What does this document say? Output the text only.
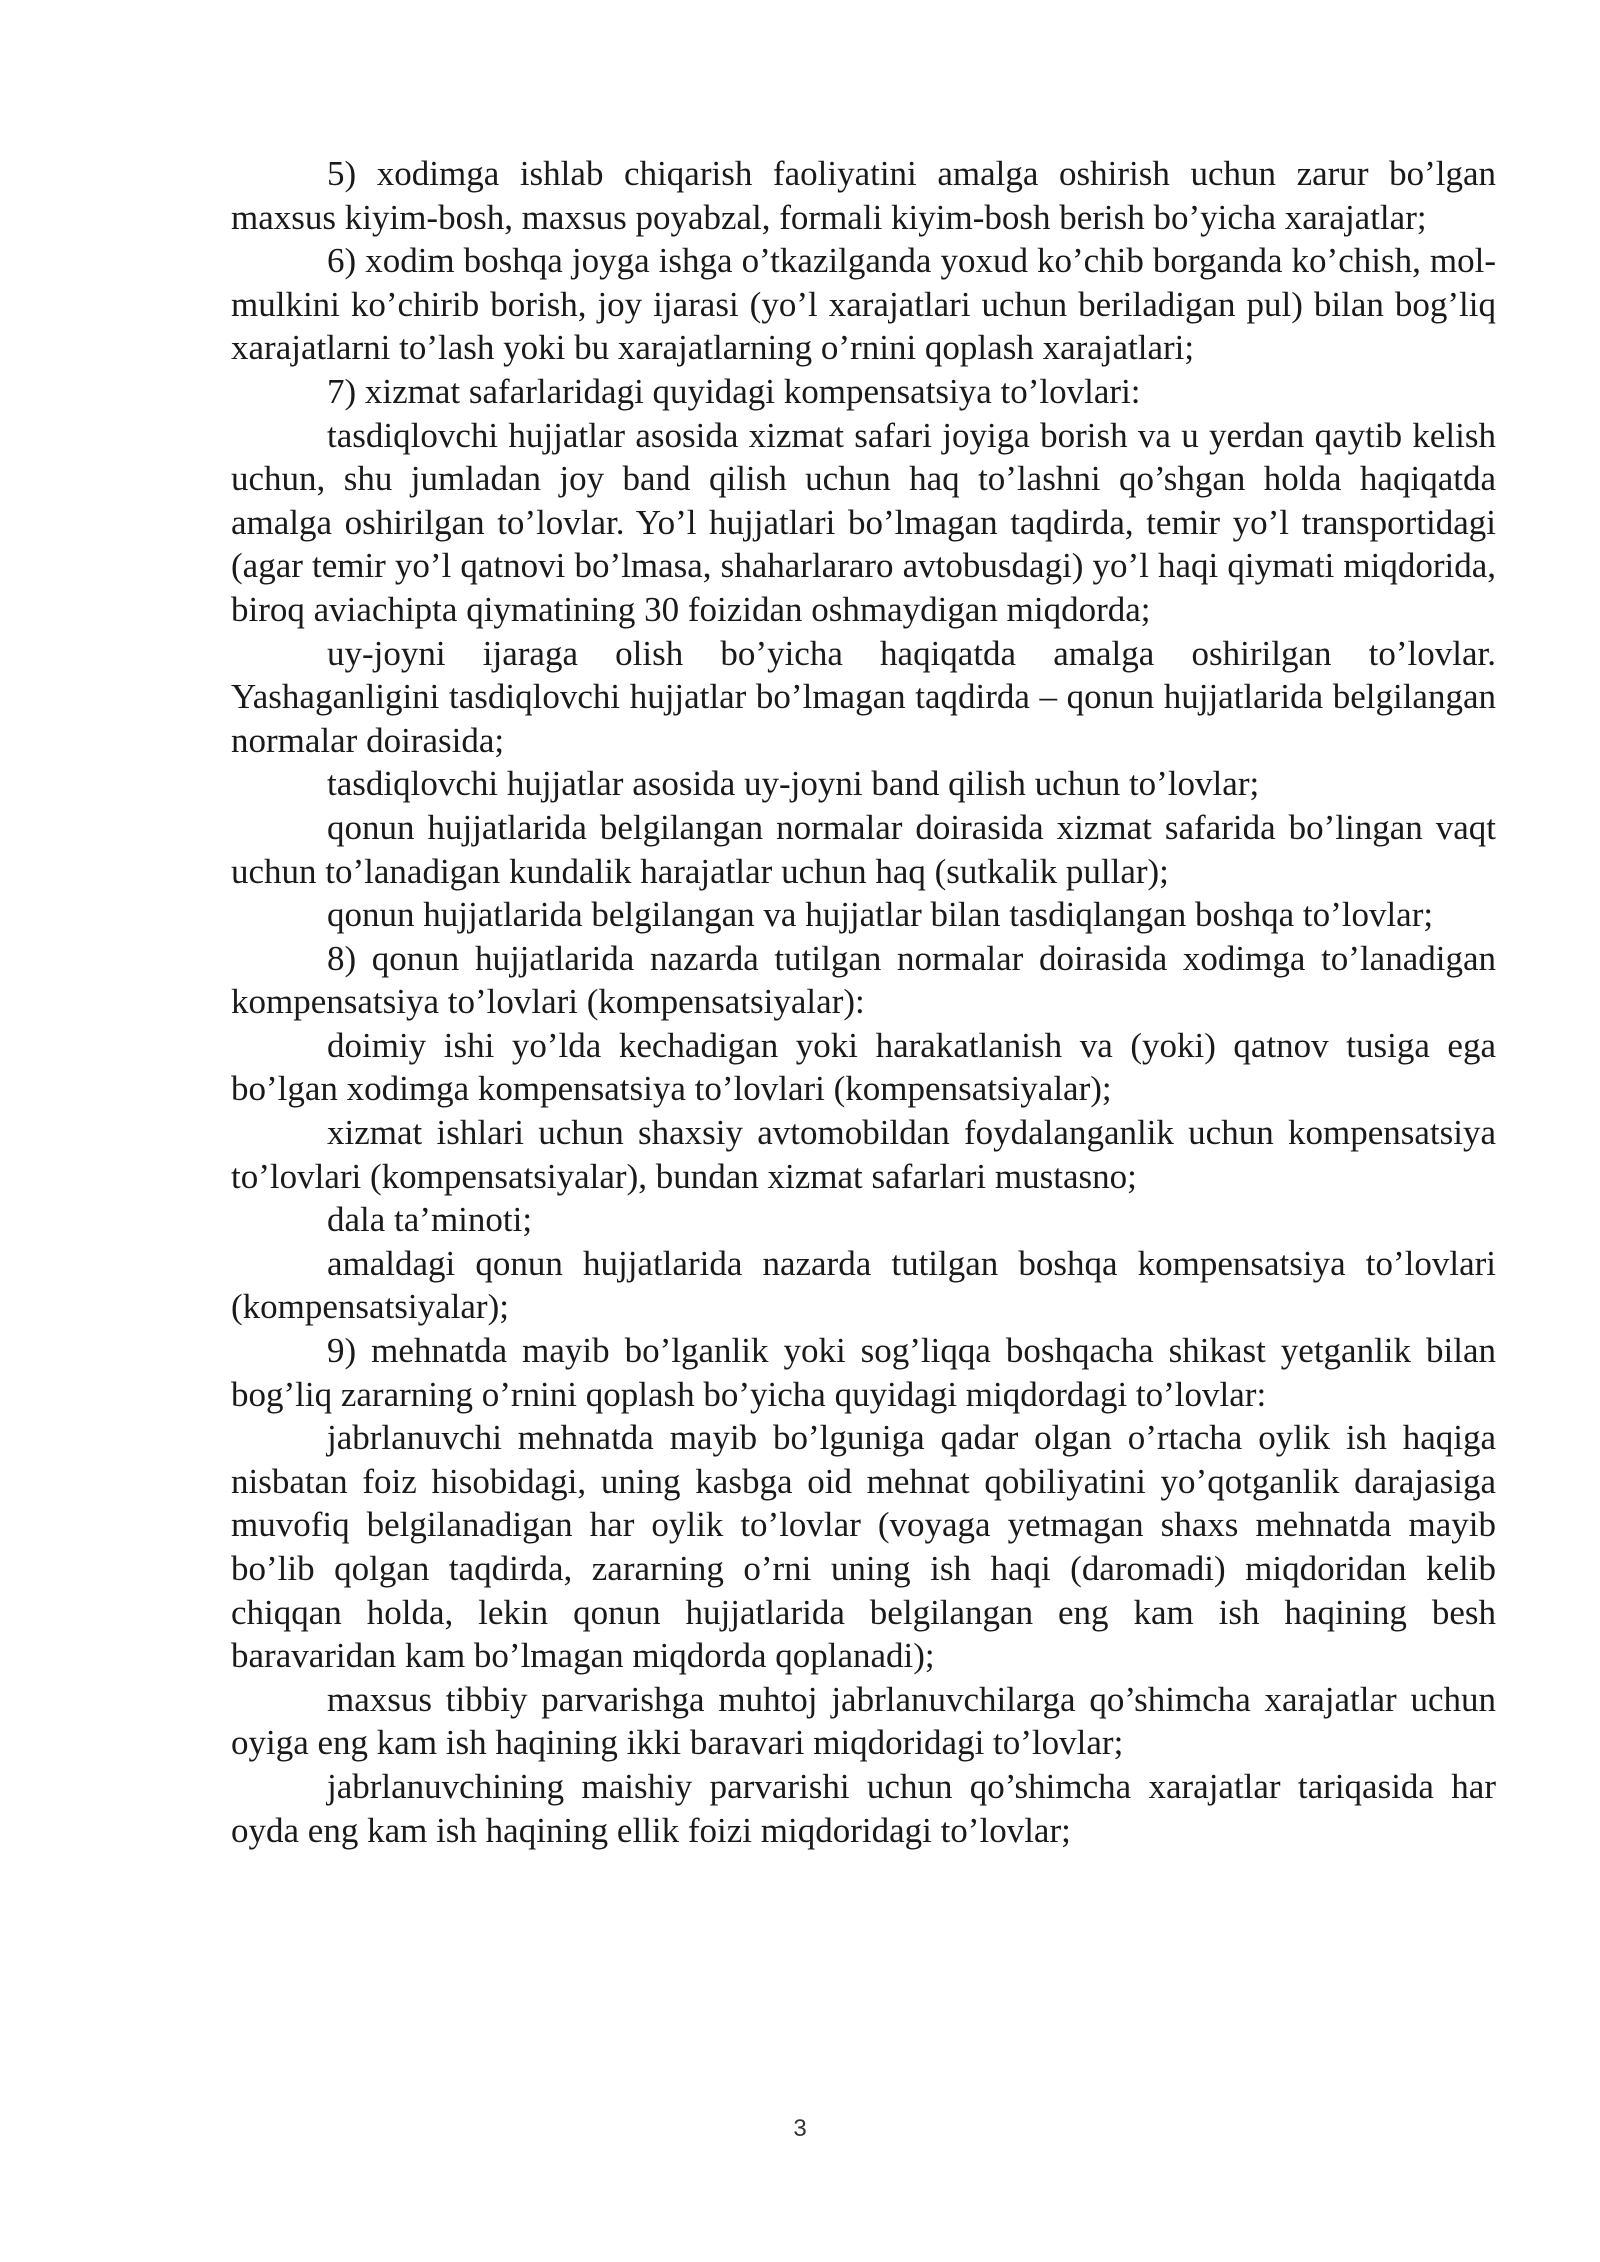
5) xodimga ishlab chiqarish faoliyatini amalga oshirish uchun zarur bo’lgan maxsus kiyim-bosh, maxsus poyabzal, formali kiyim-bosh berish bo’yicha xarajatlar;

6) xodim boshqa joyga ishga o’tkazilganda yoxud ko’chib borganda ko’chish, mol-mulkini ko’chirib borish, joy ijarasi (yo’l xarajatlari uchun beriladigan pul) bilan bog’liq xarajatlarni to’lash yoki bu xarajatlarning o’rnini qoplash xarajatlari;

7) xizmat safarlaridagi quyidagi kompensatsiya to’lovlari:

tasdiqlovchi hujjatlar asosida xizmat safari joyiga borish va u yerdan qaytib kelish uchun, shu jumladan joy band qilish uchun haq to’lashni qo’shgan holda haqiqatda amalga oshirilgan to’lovlar. Yo’l hujjatlari bo’lmagan taqdirda, temir yo’l transportidagi (agar temir yo’l qatnovi bo’lmasa, shaharlararo avtobusdagi) yo’l haqi qiymati miqdorida, biroq aviachipta qiymatining 30 foizidan oshmaydigan miqdorda;

uy-joyni ijaraga olish bo’yicha haqiqatda amalga oshirilgan to’lovlar. Yashaganligini tasdiqlovchi hujjatlar bo’lmagan taqdirda – qonun hujjatlarida belgilangan normalar doirasida;

tasdiqlovchi hujjatlar asosida uy-joyni band qilish uchun to’lovlar;

qonun hujjatlarida belgilangan normalar doirasida xizmat safarida bo’lingan vaqt uchun to’lanadigan kundalik harajatlar uchun haq (sutkalik pullar);

qonun hujjatlarida belgilangan va hujjatlar bilan tasdiqlangan boshqa to’lovlar;

8) qonun hujjatlarida nazarda tutilgan normalar doirasida xodimga to’lanadigan kompensatsiya to’lovlari (kompensatsiyalar):

doimiy ishi yo’lda kechadigan yoki harakatlanish va (yoki) qatnov tusiga ega bo’lgan xodimga kompensatsiya to’lovlari (kompensatsiyalar);

xizmat ishlari uchun shaxsiy avtomobildan foydalanganlik uchun kompensatsiya to’lovlari (kompensatsiyalar), bundan xizmat safarlari mustasno;

dala ta’minoti;

amaldagi qonun hujjatlarida nazarda tutilgan boshqa kompensatsiya to’lovlari (kompensatsiyalar);

9) mehnatda mayib bo’lganlik yoki sog’liqqa boshqacha shikast yetganlik bilan bog’liq zararning o’rnini qoplash bo’yicha quyidagi miqdordagi to’lovlar:

jabrlanuvchi mehnatda mayib bo’lguniga qadar olgan o’rtacha oylik ish haqiga nisbatan foiz hisobidagi, uning kasbga oid mehnat qobiliyatini yo’qotganlik darajasiga muvofiq belgilanadigan har oylik to’lovlar (voyaga yetmagan shaxs mehnatda mayib bo’lib qolgan taqdirda, zararning o’rni uning ish haqi (daromadi) miqdoridan kelib chiqqan holda, lekin qonun hujjatlarida belgilangan eng kam ish haqining besh baravaridan kam bo’lmagan miqdorda qoplanadi);

maxsus tibbiy parvarishga muhtoj jabrlanuvchilarga qo’shimcha xarajatlar uchun oyiga eng kam ish haqining ikki baravari miqdoridagi to’lovlar;

jabrlanuvchining maishiy parvarishi uchun qo’shimcha xarajatlar tariqasida har oyda eng kam ish haqining ellik foizi miqdoridagi to’lovlar;

3
